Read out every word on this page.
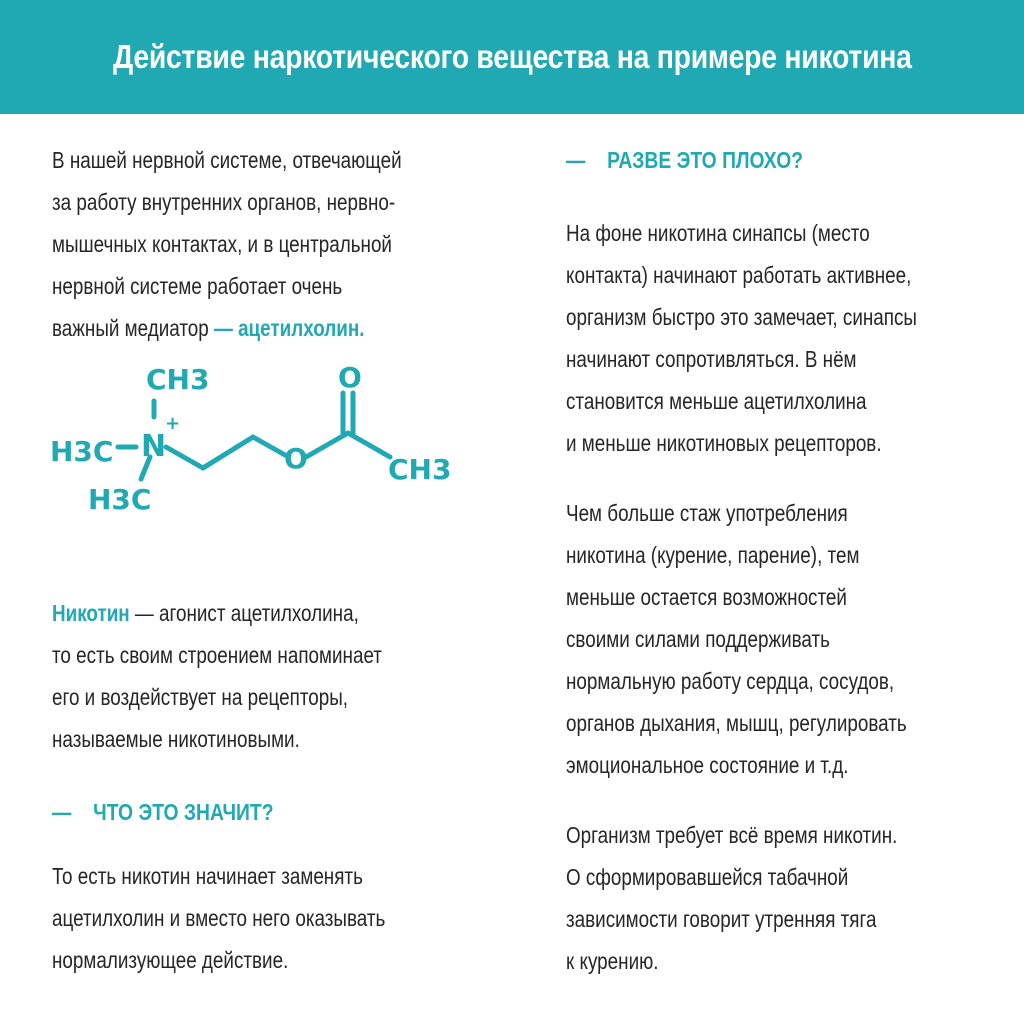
Действие наркотического вещества на примере никотина

В нашей нервной системе, отвечающей
за работу внутренних органов, нервно-
мышечных контактах, и в центральной
нервной системе работает очень
важный медиатор — ацетилхолин.

CH3
N
+
H3C
H3C
O
O
CH3

Никотин — агонист ацетилхолина,
то есть своим строением напоминает
его и воздействует на рецепторы,
называемые никотиновыми.

— ЧТО ЭТО ЗНАЧИТ?

То есть никотин начинает заменять
ацетилхолин и вместо него оказывать
нормализующее действие.

— РАЗВЕ ЭТО ПЛОХО?

На фоне никотина синапсы (место
контакта) начинают работать активнее,
организм быстро это замечает, синапсы
начинают сопротивляться. В нём
становится меньше ацетилхолина
и меньше никотиновых рецепторов.

Чем больше стаж употребления
никотина (курение, парение), тем
меньше остается возможностей
своими силами поддерживать
нормальную работу сердца, сосудов,
органов дыхания, мышц, регулировать
эмоциональное состояние и т.д.

Организм требует всё время никотин.
О сформировавшейся табачной
зависимости говорит утренняя тяга
к курению.
